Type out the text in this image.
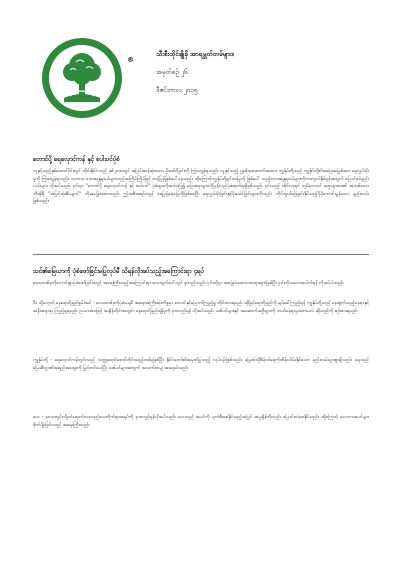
®
သီးစီးထိုင်ချိုခို အာရမ္ဘတ်တမ်များ။
အမှတ်စဉ် ၂၆
ဒီဇင်ဘာလ ၂၀၁၅
တောင်ပို့ ရေလှောင်ကန် နှင့် စပါးပင်ပုံစံ

လူနှင့်သည့်နှစ်ထောင်ပိုင်းတွင် ထိုင်းနိုင်ငံသည် နှစ်၂၀အတွင် အပြင်းထန်ဆုံးသော မိုးခေါင်ခြင်းကို ကြုံတွေ့ခဲ့ရသည်။ လူနှင့်သည့် ဌနစ်အထောက်အထား ကျွန်ုပ်တို့သည် ကျွန်ုပ်တို့၏အခြေအမြစ်အား ရေလွှမ်းမိုးမှုကို ကြုံတွေ့ခဲ့ရသည်။ သဘာဝ ဘေးအန္တရာယ်များသည်အကြိမ်ကြိမ်ဖြင့် တန်ပြန်ဖြစ်ပေါ်နေသည်။ ထိုကြောင့်ကျွန်ုပ်တို့ရှင်သန်မှုကို ဖြစ်ပေါ် သည့်ဘေးအန္တရာယ်များကိုကာကွယ်နိုင်ရန်အတွက် ပြောင်းလဲနည်းလမ်းများ လိုအပ်သည်။ ၄င်းမှာ "တောင်ပို့ ရေလှောင်ကန် နှင့် စပါးပင်" ပုံစံများကိုအသုံးပြု၍ မြေအရာများကိုပြန်လည်ပုံစံထုတ်ရန်ဖြစ်သည်။ ၄င်းသည် ထိုင်းဘုရင် ဘူမိဘောလ် အဒူလျာဒေး၏ အသစ်သော သီအိုရီ "အမြင့်ဆုံးစီမံချက်" ကိုအခြေခံထားသည်။ ဤအစီအစဉ်သည် ရေပြန့်ရေမြေကိုဖြစ်စေပြီး ရေလွှမ်းမိုးခြင်းနှင့်မိုးခေါင်ခြင်းများကိုလည်း ကိုင်တွယ်ဖြေရှင်းနိုင်သည့်ပိုမိုကောင်းမွန်သော နည်းလမ်းဖြစ်သည်။

သင်၏မြေယာကို ပုံစံဖော်ခြင်းမပြုလုပ်မီ သိရန်လိုအပ်သည့်အကြောင်းရာ ၄ရပ်

ဒေသတစ်ခုကိုကောင်းစွာပုံစံဖော်ခြင်းသည် အရေးကြီးသည့်အကြောင်းရာ လေးချက်ပေါ်တွင် မူတည်သည်။ ၄င်းတို့မှာ အခြေခံသဘောတရားများဖြစ်ပြီး ၄င်းကိုသဘောပေါက်ရန် လိုအပ်ပါသည်။

မီး သို့မဟုတ် နေရောင်ခြည်စွမ်းအင် - ဒေသတစ်ခုကိုပုံစံမချမီ အရေးအကြီးဆုံးကိစ္စမှာ တောင်နှင့်မြောက်ကြည့်ရှု တိုင်းတာရမည်။ ထိုမြင့်ရောင်ခြည်ကို ရုပ်ခေါ်ကြည့်ရန် ကျွန်ုပ်တို့သည် နေထွက်သည့်နေရာနှင့်အနီးအနားမှ ကြည့်ရှုရမည်။ ဥပမာအားဖြင့် အချိန်တိုင်းအတွင်း နေရောင်ခြည်ရရှိမှုကို နားလည်ရန် လိုအပ်သည်။ သစ်ပင်များနှင့် အဆောက်အဦများကို ဘယ်နေရာမှာထားမလဲ ဆိုသည်ကို စဉ်းစားရမည်။

ကျွန်ုပ်တို့ - ရေလှောင်ကန်တွင်းသည် သတ္တုရောင်စောင်တိုင်းသည့်တစ်ခုဖြစ်ပြီး နိုင်ငံတော်၏အမှတ်ပြုသည့် လုပ်ငန်းဖြစ်သည်။ မြေထဲသို့စိမ့်ဝင်ရေကိုထိန်းသိမ်းနိုင်သော နည်းလမ်းများစွာရှိသည်။ ရေသည်မြေဆီလွှာ၏အရည်အသွေးကို မြှင့်တင်ပေးပြီး သစ်ပင်များအတွက် အသက်တမျှ အရေးပါသည်။

လေ - ဒေသတွင်းသို့ဝင်ရောက်လာသည့်လေတိုက်ရာအရပ်ကို နားလည်ရန်လိုအပ်သည်။ လေသည် အပင်ကို ပျက်စီးစေနိုင်သည့်အပြင် အပူချိန်ကိုလည်း ပြောင်းလဲစေနိုင်သည်။ ထို့ကြောင့် လေကာအပင်များ စိုက်ပျိုးခြင်းသည် အရေးကြီးသည်။
